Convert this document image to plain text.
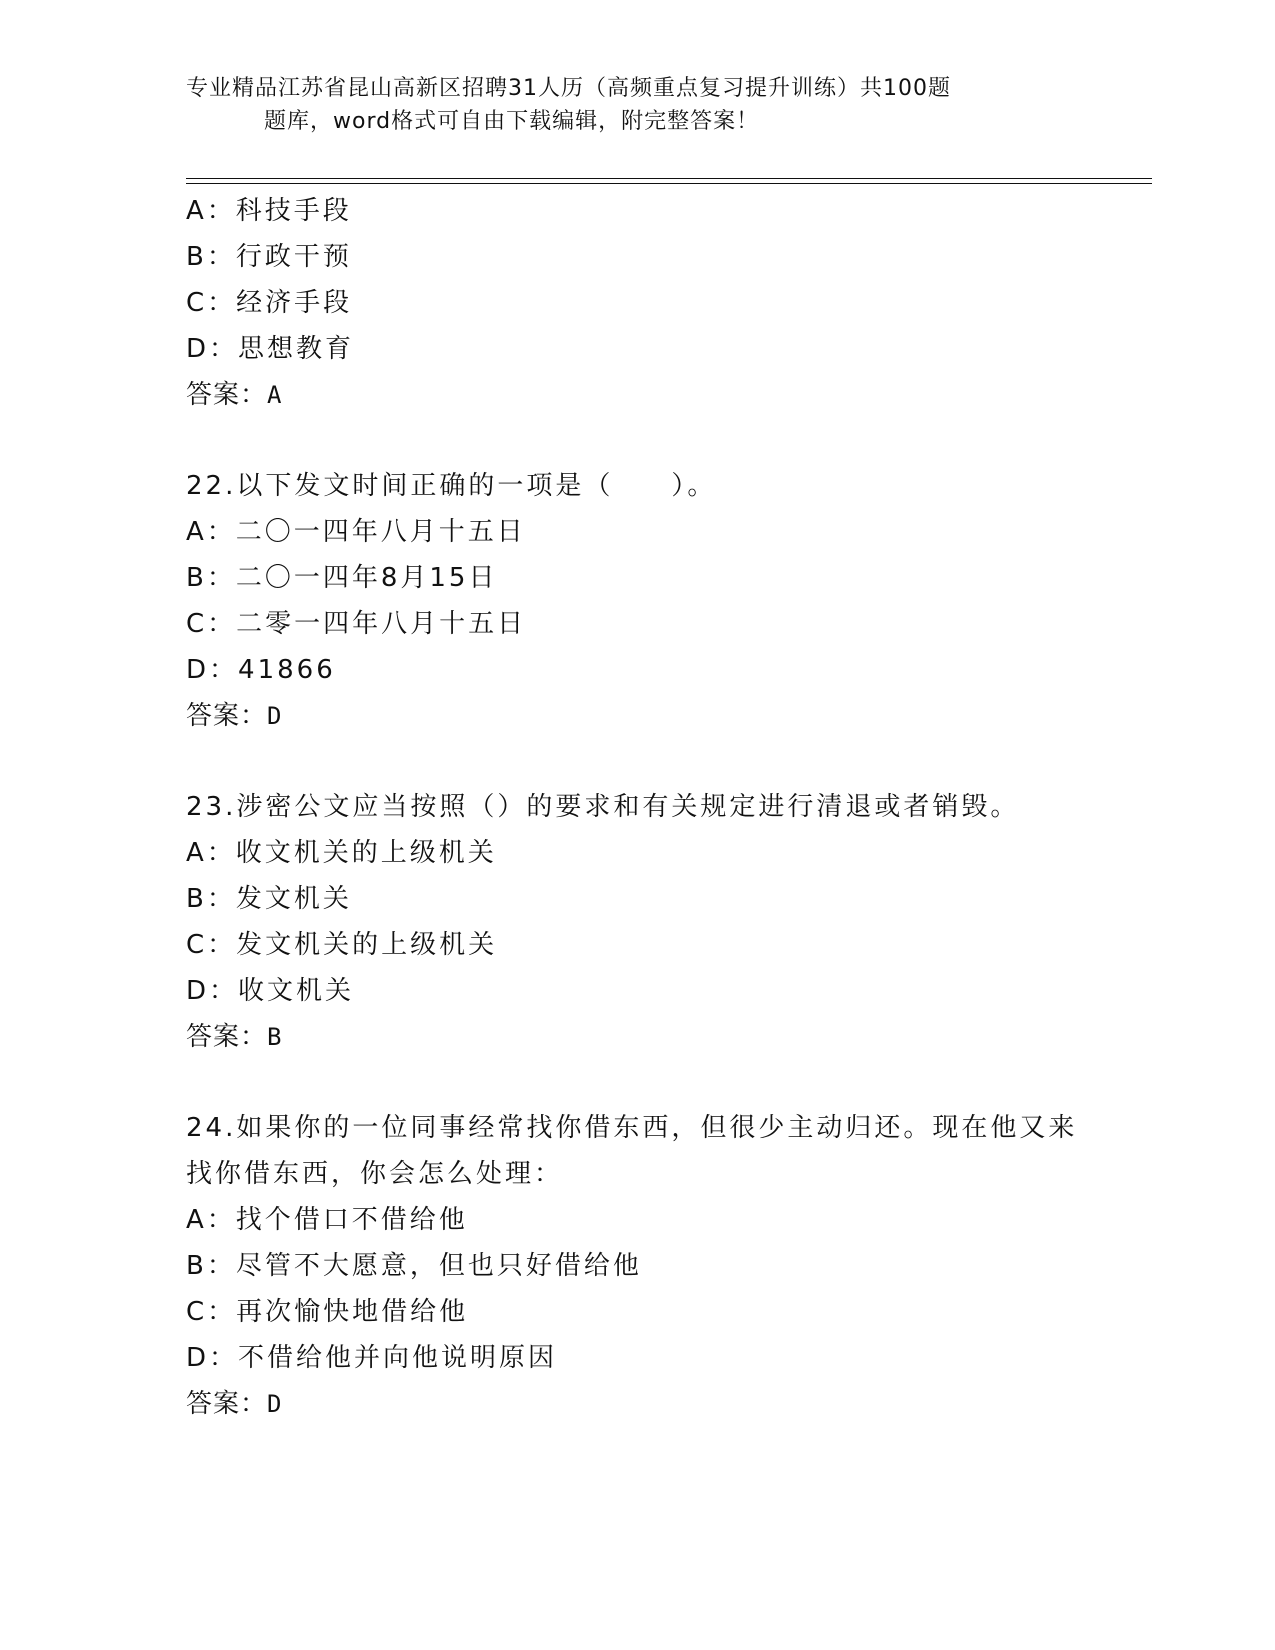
专业精品江苏省昆山高新区招聘31人历（高频重点复习提升训练）共100题
题库，word格式可自由下载编辑，附完整答案！
A：科技手段
B：行政干预
C：经济手段
D：思想教育
答案：A
22.以下发文时间正确的一项是（　　）。
A：二〇一四年八月十五日
B：二〇一四年8月15日
C：二零一四年八月十五日
D：41866
答案：D
23.涉密公文应当按照（）的要求和有关规定进行清退或者销毁。
A：收文机关的上级机关
B：发文机关
C：发文机关的上级机关
D：收文机关
答案：B
24.如果你的一位同事经常找你借东西，但很少主动归还。现在他又来
找你借东西，你会怎么处理：
A：找个借口不借给他
B：尽管不大愿意，但也只好借给他
C：再次愉快地借给他
D：不借给他并向他说明原因
答案：D
